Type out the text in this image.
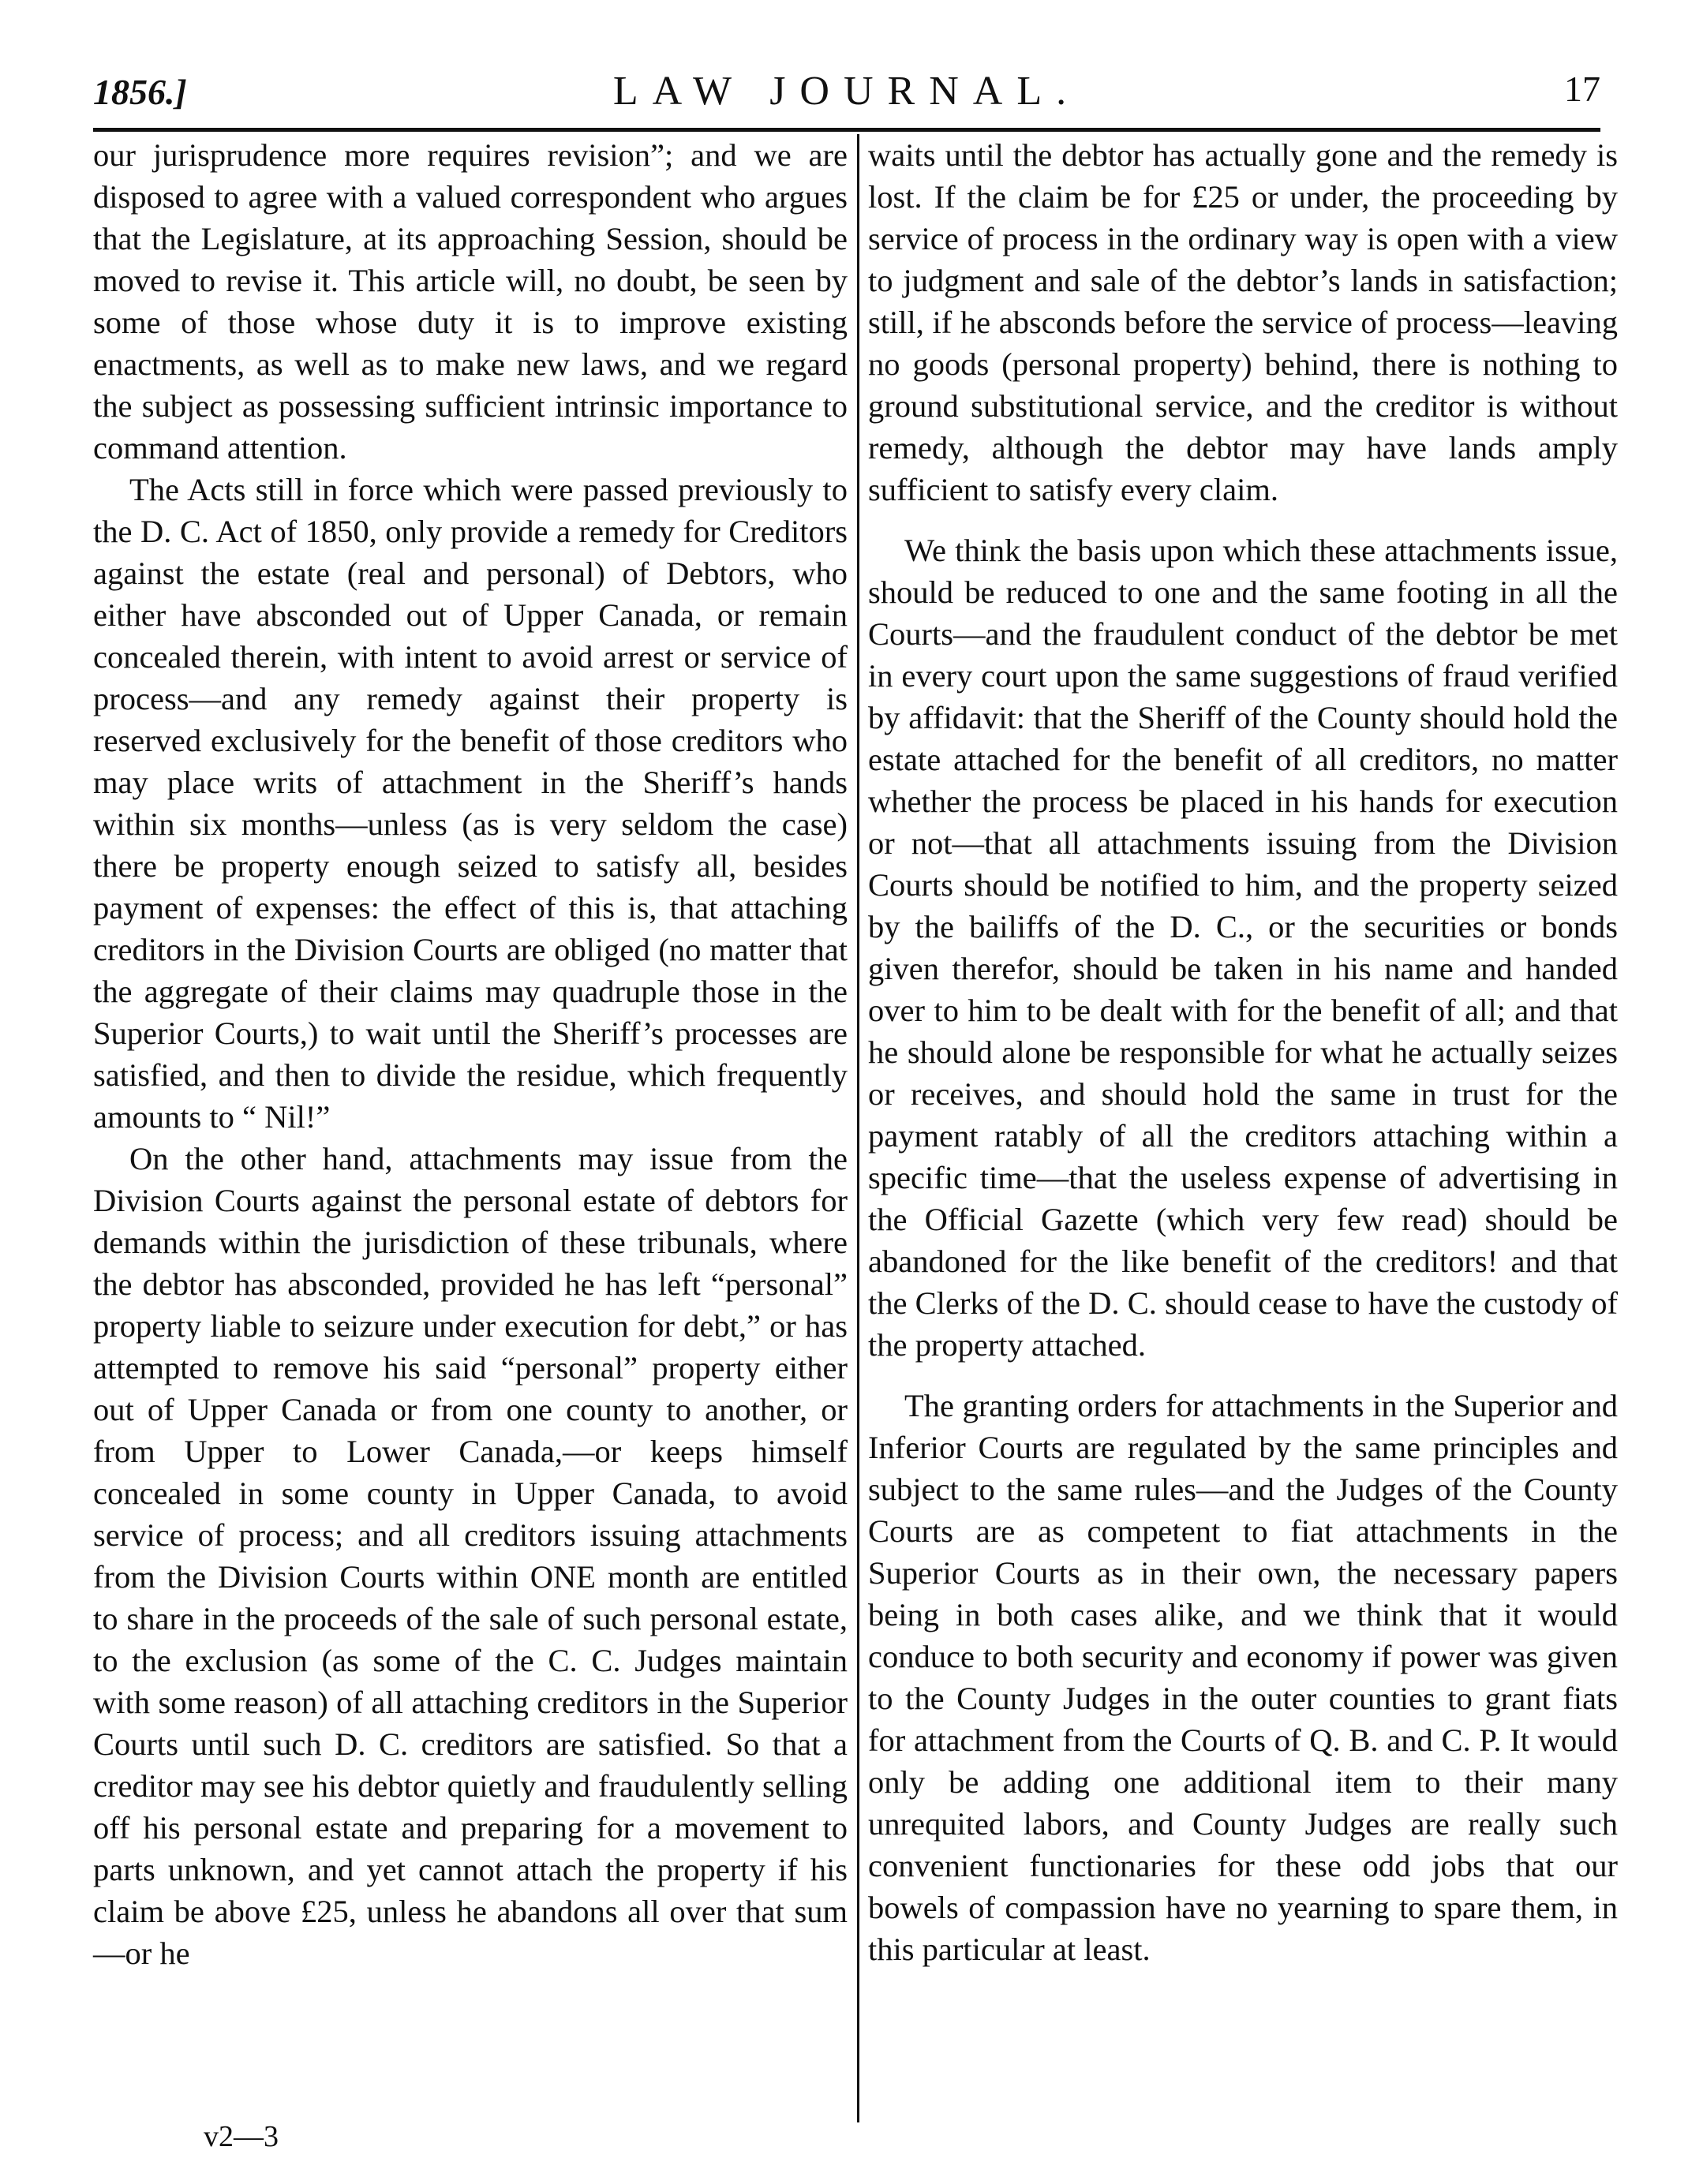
1856.]	LAW JOURNAL.	17

our jurisprudence more requires revision”; and we are disposed to agree with a valued correspondent who argues that the Legislature, at its approaching Session, should be moved to revise it. This article will, no doubt, be seen by some of those whose duty it is to improve existing enactments, as well as to make new laws, and we regard the subject as possessing sufficient intrinsic importance to command attention.

The Acts still in force which were passed previously to the D. C. Act of 1850, only provide a remedy for Creditors against the estate (real and personal) of Debtors, who either have absconded out of Upper Canada, or remain concealed therein, with intent to avoid arrest or service of process—and any remedy against their property is reserved exclusively for the benefit of those creditors who may place writs of attachment in the Sheriff’s hands within six months—unless (as is very seldom the case) there be property enough seized to satisfy all, besides payment of expenses: the effect of this is, that attaching creditors in the Division Courts are obliged (no matter that the aggregate of their claims may quadruple those in the Superior Courts,) to wait until the Sheriff’s processes are satisfied, and then to divide the residue, which frequently amounts to “ Nil!”

On the other hand, attachments may issue from the Division Courts against the personal estate of debtors for demands within the jurisdiction of these tribunals, where the debtor has absconded, provided he has left “personal” property liable to seizure under execution for debt,” or has attempted to remove his said “personal” property either out of Upper Canada or from one county to another, or from Upper to Lower Canada,—or keeps himself concealed in some county in Upper Canada, to avoid service of process; and all creditors issuing attachments from the Division Courts within ONE month are entitled to share in the proceeds of the sale of such personal estate, to the exclusion (as some of the C. C. Judges maintain with some reason) of all attaching creditors in the Superior Courts until such D. C. creditors are satisfied. So that a creditor may see his debtor quietly and fraudulently selling off his personal estate and preparing for a movement to parts unknown, and yet cannot attach the property if his claim be above £25, unless he abandons all over that sum—or he

waits until the debtor has actually gone and the remedy is lost. If the claim be for £25 or under, the proceeding by service of process in the ordinary way is open with a view to judgment and sale of the debtor’s lands in satisfaction; still, if he absconds before the service of process—leaving no goods (personal property) behind, there is nothing to ground substitutional service, and the creditor is without remedy, although the debtor may have lands amply sufficient to satisfy every claim.

We think the basis upon which these attachments issue, should be reduced to one and the same footing in all the Courts—and the fraudulent conduct of the debtor be met in every court upon the same suggestions of fraud verified by affidavit: that the Sheriff of the County should hold the estate attached for the benefit of all creditors, no matter whether the process be placed in his hands for execution or not—that all attachments issuing from the Division Courts should be notified to him, and the property seized by the bailiffs of the D. C., or the securities or bonds given therefor, should be taken in his name and handed over to him to be dealt with for the benefit of all; and that he should alone be responsible for what he actually seizes or receives, and should hold the same in trust for the payment ratably of all the creditors attaching within a specific time—that the useless expense of advertising in the Official Gazette (which very few read) should be abandoned for the like benefit of the creditors! and that the Clerks of the D. C. should cease to have the custody of the property attached.

The granting orders for attachments in the Superior and Inferior Courts are regulated by the same principles and subject to the same rules—and the Judges of the County Courts are as competent to fiat attachments in the Superior Courts as in their own, the necessary papers being in both cases alike, and we think that it would conduce to both security and economy if power was given to the County Judges in the outer counties to grant fiats for attachment from the Courts of Q. B. and C. P. It would only be adding one additional item to their many unrequited labors, and County Judges are really such convenient functionaries for these odd jobs that our bowels of compassion have no yearning to spare them, in this particular at least.

v2—3
